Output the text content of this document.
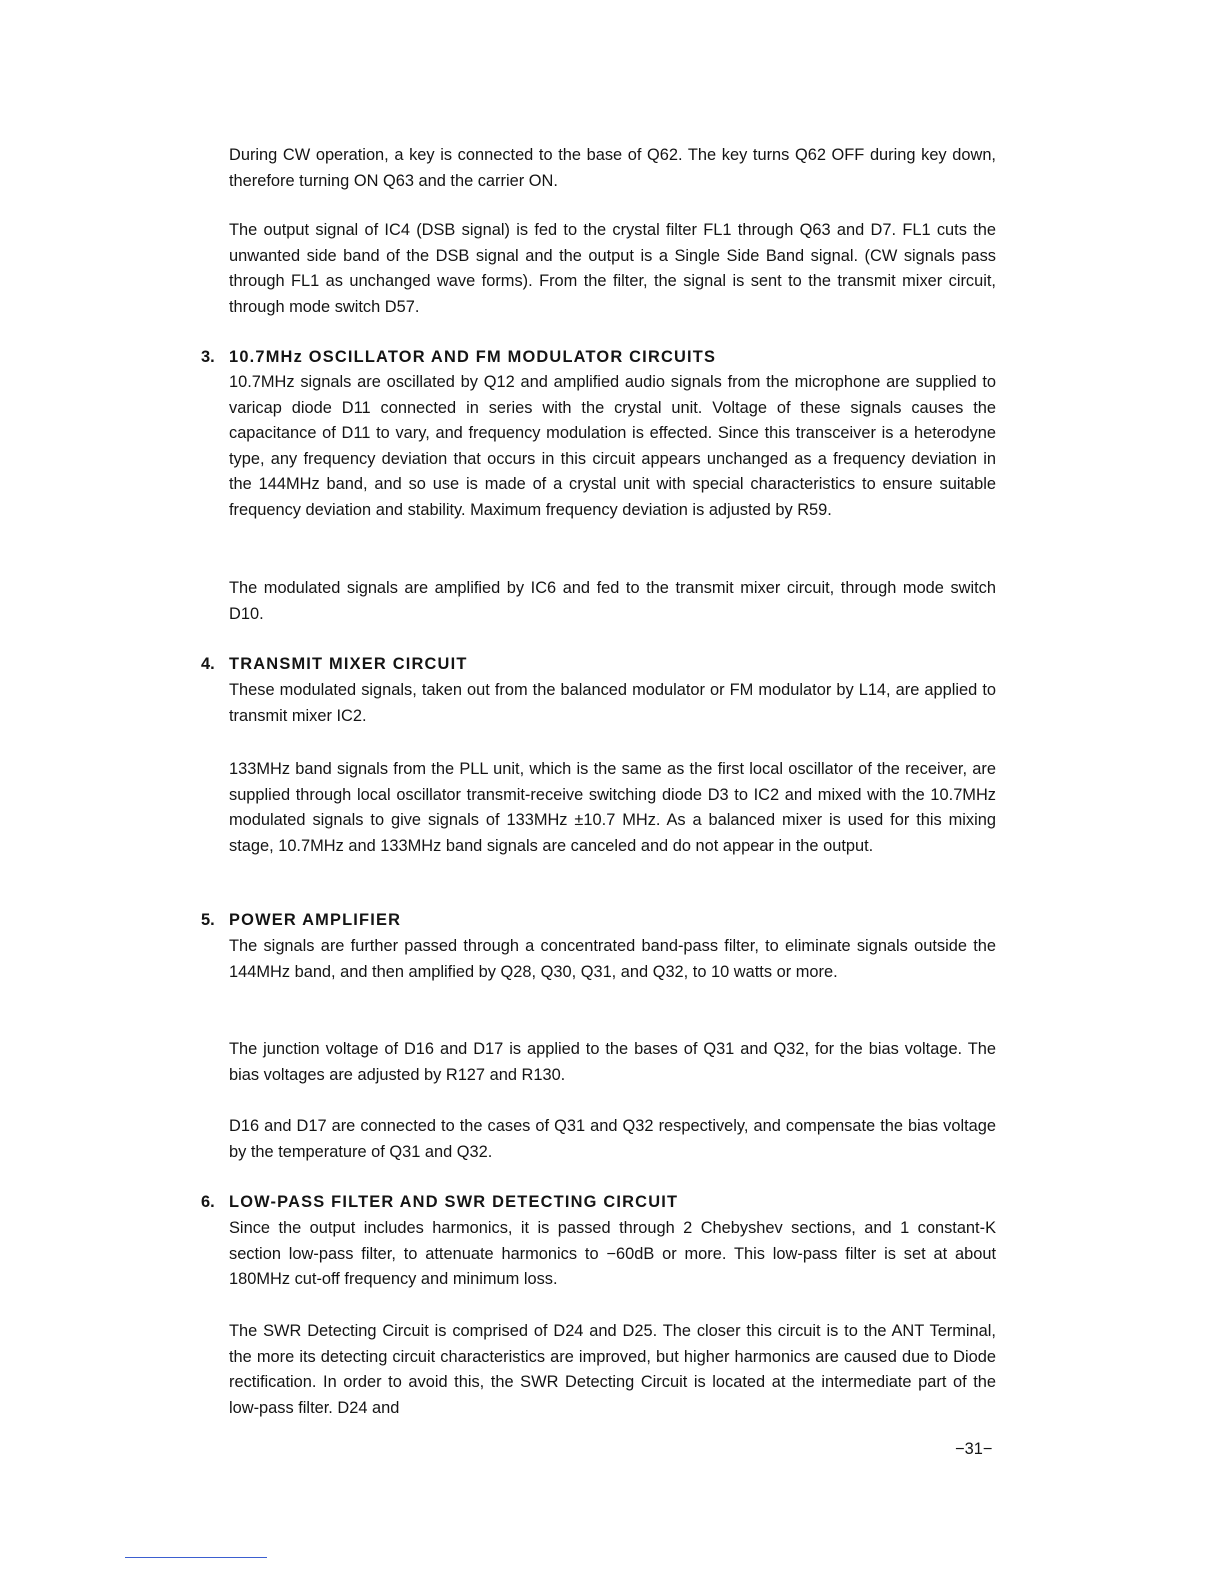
During CW operation, a key is connected to the base of Q62. The key turns Q62 OFF during key down, therefore turning ON Q63 and the carrier ON.

The output signal of IC4 (DSB signal) is fed to the crystal filter FL1 through Q63 and D7. FL1 cuts the unwanted side band of the DSB signal and the output is a Single Side Band signal. (CW signals pass through FL1 as unchanged wave forms). From the filter, the signal is sent to the transmit mixer circuit, through mode switch D57.

3. 10.7MHz OSCILLATOR AND FM MODULATOR CIRCUITS

10.7MHz signals are oscillated by Q12 and amplified audio signals from the microphone are supplied to varicap diode D11 connected in series with the crystal unit. Voltage of these signals causes the capacitance of D11 to vary, and frequency modulation is effected. Since this transceiver is a heterodyne type, any frequency deviation that occurs in this circuit appears unchanged as a frequency deviation in the 144MHz band, and so use is made of a crystal unit with special characteristics to ensure suitable frequency deviation and stability. Maximum frequency deviation is adjusted by R59.

The modulated signals are amplified by IC6 and fed to the transmit mixer circuit, through mode switch D10.

4. TRANSMIT MIXER CIRCUIT

These modulated signals, taken out from the balanced modulator or FM modulator by L14, are applied to transmit mixer IC2.

133MHz band signals from the PLL unit, which is the same as the first local oscillator of the receiver, are supplied through local oscillator transmit-receive switching diode D3 to IC2 and mixed with the 10.7MHz modulated signals to give signals of 133MHz ±10.7 MHz. As a balanced mixer is used for this mixing stage, 10.7MHz and 133MHz band signals are canceled and do not appear in the output.

5. POWER AMPLIFIER

The signals are further passed through a concentrated band-pass filter, to eliminate signals outside the 144MHz band, and then amplified by Q28, Q30, Q31, and Q32, to 10 watts or more.

The junction voltage of D16 and D17 is applied to the bases of Q31 and Q32, for the bias voltage. The bias voltages are adjusted by R127 and R130.

D16 and D17 are connected to the cases of Q31 and Q32 respectively, and compensate the bias voltage by the temperature of Q31 and Q32.

6. LOW-PASS FILTER AND SWR DETECTING CIRCUIT

Since the output includes harmonics, it is passed through 2 Chebyshev sections, and 1 constant-K section low-pass filter, to attenuate harmonics to −60dB or more. This low-pass filter is set at about 180MHz cut-off frequency and minimum loss.

The SWR Detecting Circuit is comprised of D24 and D25. The closer this circuit is to the ANT Terminal, the more its detecting circuit characteristics are improved, but higher harmonics are caused due to Diode rectification. In order to avoid this, the SWR Detecting Circuit is located at the intermediate part of the low-pass filter. D24 and

−31−
